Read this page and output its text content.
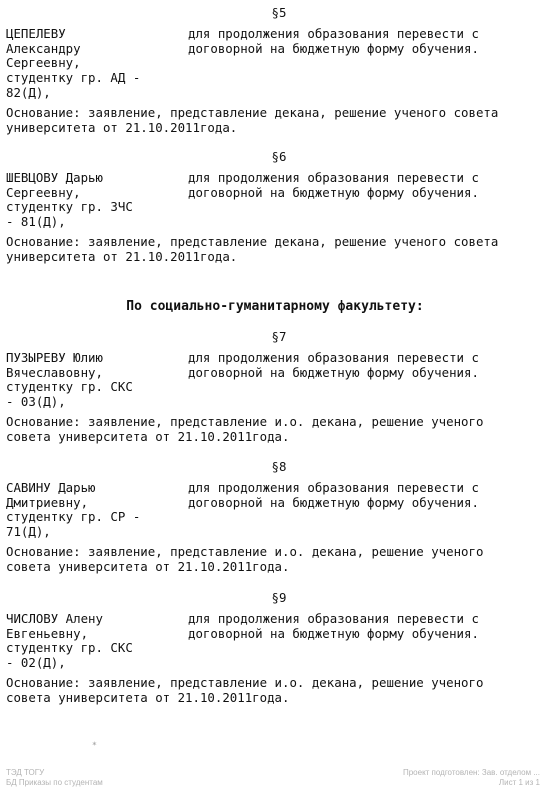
§5
ЦЕПЕЛЕВУ
Александру
Сергеевну,
студентку гр. АД -
82(Д),
для продолжения образования перевести с
договорной на бюджетную форму обучения.
Основание: заявление, представление декана, решение ученого совета
университета от 21.10.2011года.
§6
ШЕВЦОВУ Дарью
Сергеевну,
студентку гр. ЗЧС
- 81(Д),
для продолжения образования перевести с
договорной на бюджетную форму обучения.
Основание: заявление, представление декана, решение ученого совета
университета от 21.10.2011года.
По социально-гуманитарному факультету:
§7
ПУЗЫРЕВУ Юлию
Вячеславовну,
студентку гр. СКС
- 03(Д),
для продолжения образования перевести с
договорной на бюджетную форму обучения.
Основание: заявление, представление и.о. декана, решение ученого
совета университета от 21.10.2011года.
§8
САВИНУ Дарью
Дмитриевну,
студентку гр. СР -
71(Д),
для продолжения образования перевести с
договорной на бюджетную форму обучения.
Основание: заявление, представление и.о. декана, решение ученого
совета университета от 21.10.2011года.
§9
ЧИСЛОВУ Алену
Евгеньевну,
студентку гр. СКС
- 02(Д),
для продолжения образования перевести с
договорной на бюджетную форму обучения.
Основание: заявление, представление и.о. декана, решение ученого
совета университета от 21.10.2011года.
✶
ТЭД ТОГУ
БД Приказы по студентам
Проект подготовлен: Зав. отделом ...
Лист 1 из 1
